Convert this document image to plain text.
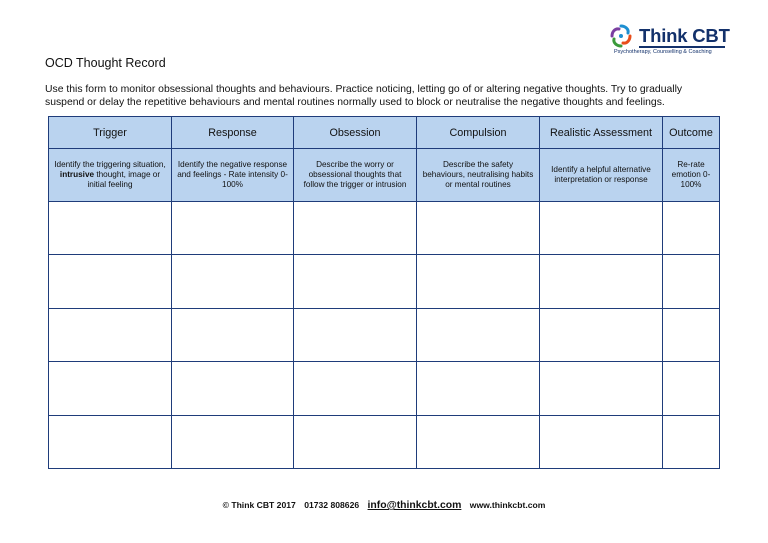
Think CBT
Psychotherapy, Counselling & Coaching
OCD Thought Record
Use this form to monitor obsessional thoughts and behaviours. Practice noticing, letting go of or altering negative thoughts. Try to gradually
suspend or delay the repetitive behaviours and mental routines normally used to block or neutralise the negative thoughts and feelings.
Trigger	Response	Obsession	Compulsion	Realistic Assessment	Outcome
Identify the triggering situation, intrusive thought, image or initial feeling	Identify the negative response and feelings - Rate intensity 0-100%	Describe the worry or obsessional thoughts that follow the trigger or intrusion	Describe the safety behaviours, neutralising habits or mental routines	Identify a helpful alternative interpretation or response	Re-rate emotion 0-100%

© Think CBT 2017 01732 808626 info@thinkcbt.com www.thinkcbt.com
